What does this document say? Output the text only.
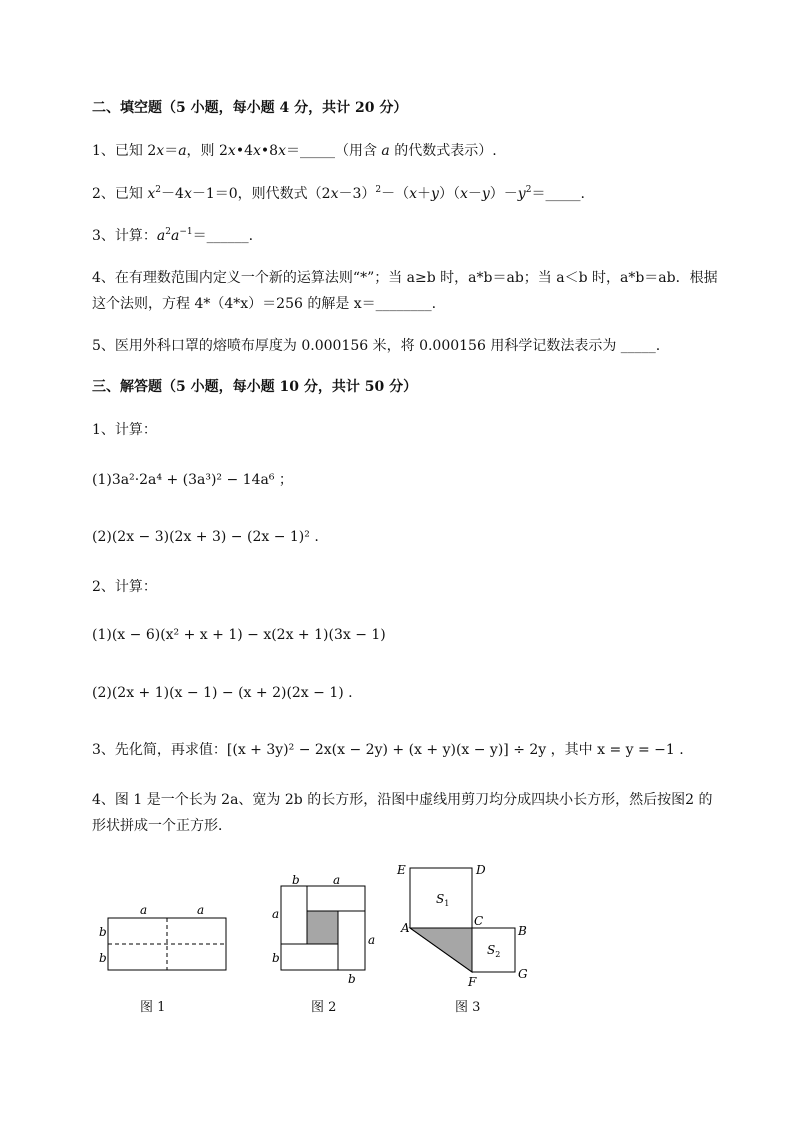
二、填空题（5 小题，每小题 4 分，共计 20 分）
1、已知 2x＝a，则 2x•4x•8x＝_____（用含 a 的代数式表示）.
2、已知 $x^2-4x-1=0$，则代数式$(2x-3)^2-(x+y)(x-y)-y^2=\_\_\_\_\_$.
3、计算：$a^2a^{-1}=\_\_\_\_\_\_$.
4、在有理数范围内定义一个新的运算法则“*”；当 a≥b 时，a*b＝ab；当 a＜b 时，a*b＝ab．根据
这个法则，方程 4*（4*x）＝256 的解是 x＝________.
5、医用外科口罩的熔喷布厚度为 0.000156 米，将 0.000156 用科学记数法表示为 _____.
三、解答题（5 小题，每小题 10 分，共计 50 分）
1、计算：
(1)3a²·2a⁴ + (3a³)² − 14a⁶ ；
(2)(2x − 3)(2x + 3) − (2x − 1)² .
2、计算：
(1)(x − 6)(x² + x + 1) − x(2x + 1)(3x − 1)
(2)(2x + 1)(x − 1) − (x + 2)(2x − 1) .
3、先化简，再求值：[(x + 3y)² − 2x(x − 2y) + (x + y)(x − y)] ÷ 2y ，其中 x = y = −1 .
4、图 1 是一个长为 2a、宽为 2b 的长方形，沿图中虚线用剪刀均分成四块小长方形，然后按图2 的
形状拼成一个正方形．
a	a
b
b
b	a
a
b
a
b
E	D
$S_1$
A	C
B
$S_2$
F
G
图 1	图 2	图 3
